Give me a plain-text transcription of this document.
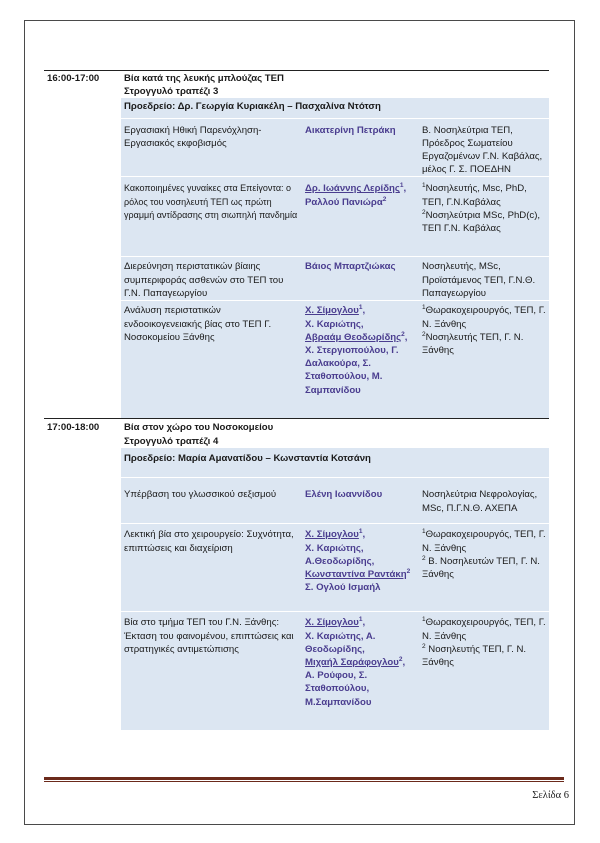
16:00-17:00	Βία κατά της λευκής μπλούζας ΤΕΠ
Στρογγυλό τραπέζι 3		

	Προεδρείο: Δρ. Γεωργία Κυριακέλη – Πασχαλίνα Ντότση		
	Εργασιακή Ηθική Παρενόχληση- Εργασιακός εκφοβισμός	Αικατερίνη Πετράκη	Β. Νοσηλεύτρια ΤΕΠ, Πρόεδρος Σωματείου Εργαζομένων Γ.Ν. Καβάλας, μέλος Γ. Σ. ΠΟΕΔΗΝ
	Κακοποιημένες γυναίκες στα Επείγοντα: ο ρόλος του νοσηλευτή ΤΕΠ ως πρώτη γραμμή αντίδρασης στη σιωπηλή πανδημία	Δρ. Ιωάννης Λερίδης$^1$,
Ραλλού Πανιώρα$^2$	$^1$Νοσηλευτής, Msc, PhD, ΤΕΠ, Γ.Ν.Καβάλας
$^2$Νοσηλεύτρια MSc, PhD(c), ΤΕΠ Γ.Ν. Καβάλας
	Διερεύνηση περιστατικών βίαιης συμπεριφοράς ασθενών στο ΤΕΠ του Γ.Ν. Παπαγεωργίου	Βάιος Μπαρτζιώκας	Νοσηλευτής, MSc, Προϊστάμενος ΤΕΠ, Γ.Ν.Θ. Παπαγεωργίου
	Ανάλυση περιστατικών ενδοοικογενειακής βίας στο ΤΕΠ Γ. Νοσοκομείου Ξάνθης	Χ. Σίμογλου$^1$,
Χ. Καριώτης,
Αβραάμ Θεοδωρίδης$^2$,
Χ. Στεργιοπούλου, Γ. Δαλακούρα, Σ. Σταθοπούλου, Μ. Σαμπανίδου	$^1$Θωρακοχειρουργός, ΤΕΠ, Γ. Ν. Ξάνθης
$^2$Νοσηλευτής ΤΕΠ, Γ. Ν. Ξάνθης
17:00-18:00	Βία στον χώρο του Νοσοκομείου
Στρογγυλό τραπέζι 4		

	Προεδρείο: Μαρία Αμανατίδου – Κωνσταντία Κοτσάνη		
	Υπέρβαση του γλωσσικού σεξισμού	Ελένη Ιωαννίδου	Νοσηλεύτρια Νεφρολογίας, MSc, Π.Γ.Ν.Θ. ΑΧΕΠΑ
	Λεκτική βία στο χειρουργείο: Συχνότητα, επιπτώσεις και διαχείριση	Χ. Σίμογλου$^1$,
Χ. Καριώτης, Α.Θεοδωρίδης,
Κωνσταντίνα Ραντάκη$^2$
Σ. Ογλού Ισμαήλ	$^1$Θωρακοχειρουργός, ΤΕΠ, Γ. Ν. Ξάνθης
$^2$ Β. Νοσηλευτών ΤΕΠ, Γ. Ν. Ξάνθης
	Βία στο τμήμα ΤΕΠ του Γ.Ν. Ξάνθης: Έκταση του φαινομένου, επιπτώσεις και στρατηγικές αντιμετώπισης	Χ. Σίμογλου$^1$,
Χ. Καριώτης, Α. Θεοδωρίδης,
Μιχαήλ Σαράφογλου$^2$,
Α. Ρούφου, Σ. Σταθοπούλου, Μ.Σαμπανίδου	$^1$Θωρακοχειρουργός, ΤΕΠ, Γ. Ν. Ξάνθης
$^2$ Νοσηλευτής ΤΕΠ, Γ. Ν. Ξάνθης
Σελίδα 6
